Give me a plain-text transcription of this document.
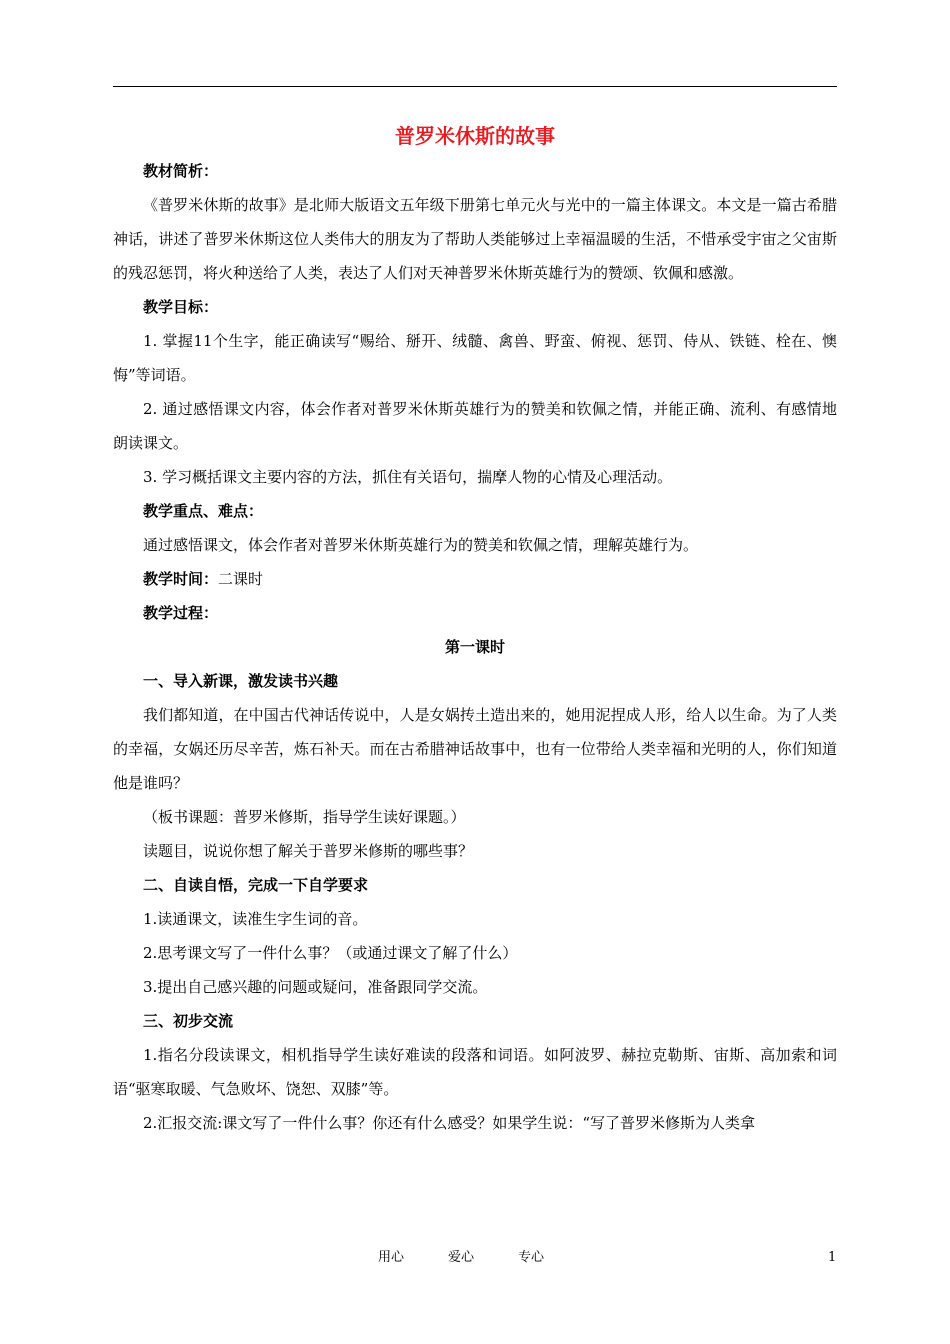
普罗米休斯的故事
教材简析：

《普罗米休斯的故事》是北师大版语文五年级下册第七单元火与光中的一篇主体课文。本文是一篇古希腊神话，讲述了普罗米休斯这位人类伟大的朋友为了帮助人类能够过上幸福温暖的生活，不惜承受宇宙之父宙斯的残忍惩罚，将火种送给了人类，表达了人们对天神普罗米休斯英雄行为的赞颂、钦佩和感激。

教学目标：

1. 掌握11个生字，能正确读写“赐给、掰开、绒髓、禽兽、野蛮、俯视、惩罚、侍从、铁链、栓在、懊悔”等词语。

2. 通过感悟课文内容，体会作者对普罗米休斯英雄行为的赞美和钦佩之情，并能正确、流利、有感情地朗读课文。

3. 学习概括课文主要内容的方法，抓住有关语句，揣摩人物的心情及心理活动。

教学重点、难点：

通过感悟课文，体会作者对普罗米休斯英雄行为的赞美和钦佩之情，理解英雄行为。

教学时间：二课时
教学过程：
第一课时
一、导入新课，激发读书兴趣

我们都知道，在中国古代神话传说中，人是女娲抟土造出来的，她用泥捏成人形，给人以生命。为了人类的幸福，女娲还历尽辛苦，炼石补天。而在古希腊神话故事中，也有一位带给人类幸福和光明的人，你们知道他是谁吗？

（板书课题：普罗米修斯，指导学生读好课题。）

读题目，说说你想了解关于普罗米修斯的哪些事？

二、自读自悟，完成一下自学要求

1.读通课文，读准生字生词的音。

2.思考课文写了一件什么事？（或通过课文了解了什么）

3.提出自己感兴趣的问题或疑问，准备跟同学交流。

三、初步交流

1.指名分段读课文，相机指导学生读好难读的段落和词语。如阿波罗、赫拉克勒斯、宙斯、高加索和词语“驱寒取暖、气急败坏、饶恕、双膝”等。

2.汇报交流:课文写了一件什么事？你还有什么感受？如果学生说：“写了普罗米修斯为人类拿

用心	爱心	专心	1
